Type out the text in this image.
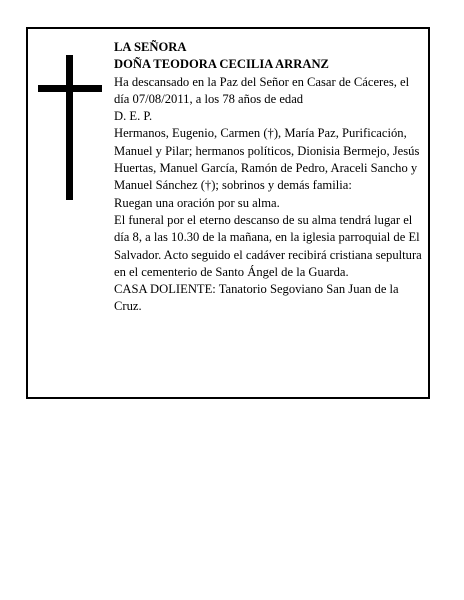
LA SEÑORA

DOÑA TEODORA CECILIA ARRANZ

Ha descansado en la Paz del Señor en Casar de Cáceres, el día 07/08/2011, a los 78 años de edad

D. E. P.

Hermanos, Eugenio, Carmen (†), María Paz, Purificación, Manuel y Pilar; hermanos políticos, Dionisia Bermejo, Jesús Huertas, Manuel García, Ramón de Pedro, Araceli Sancho y Manuel Sánchez (†); sobrinos y demás familia:

Ruegan una oración por su alma.

El funeral por el eterno descanso de su alma tendrá lugar el día 8, a las 10.30 de la mañana, en la iglesia parroquial de El Salvador. Acto seguido el cadáver recibirá cristiana sepultura en el cementerio de Santo Ángel de la Guarda.

CASA DOLIENTE: Tanatorio Segoviano San Juan de la Cruz.
